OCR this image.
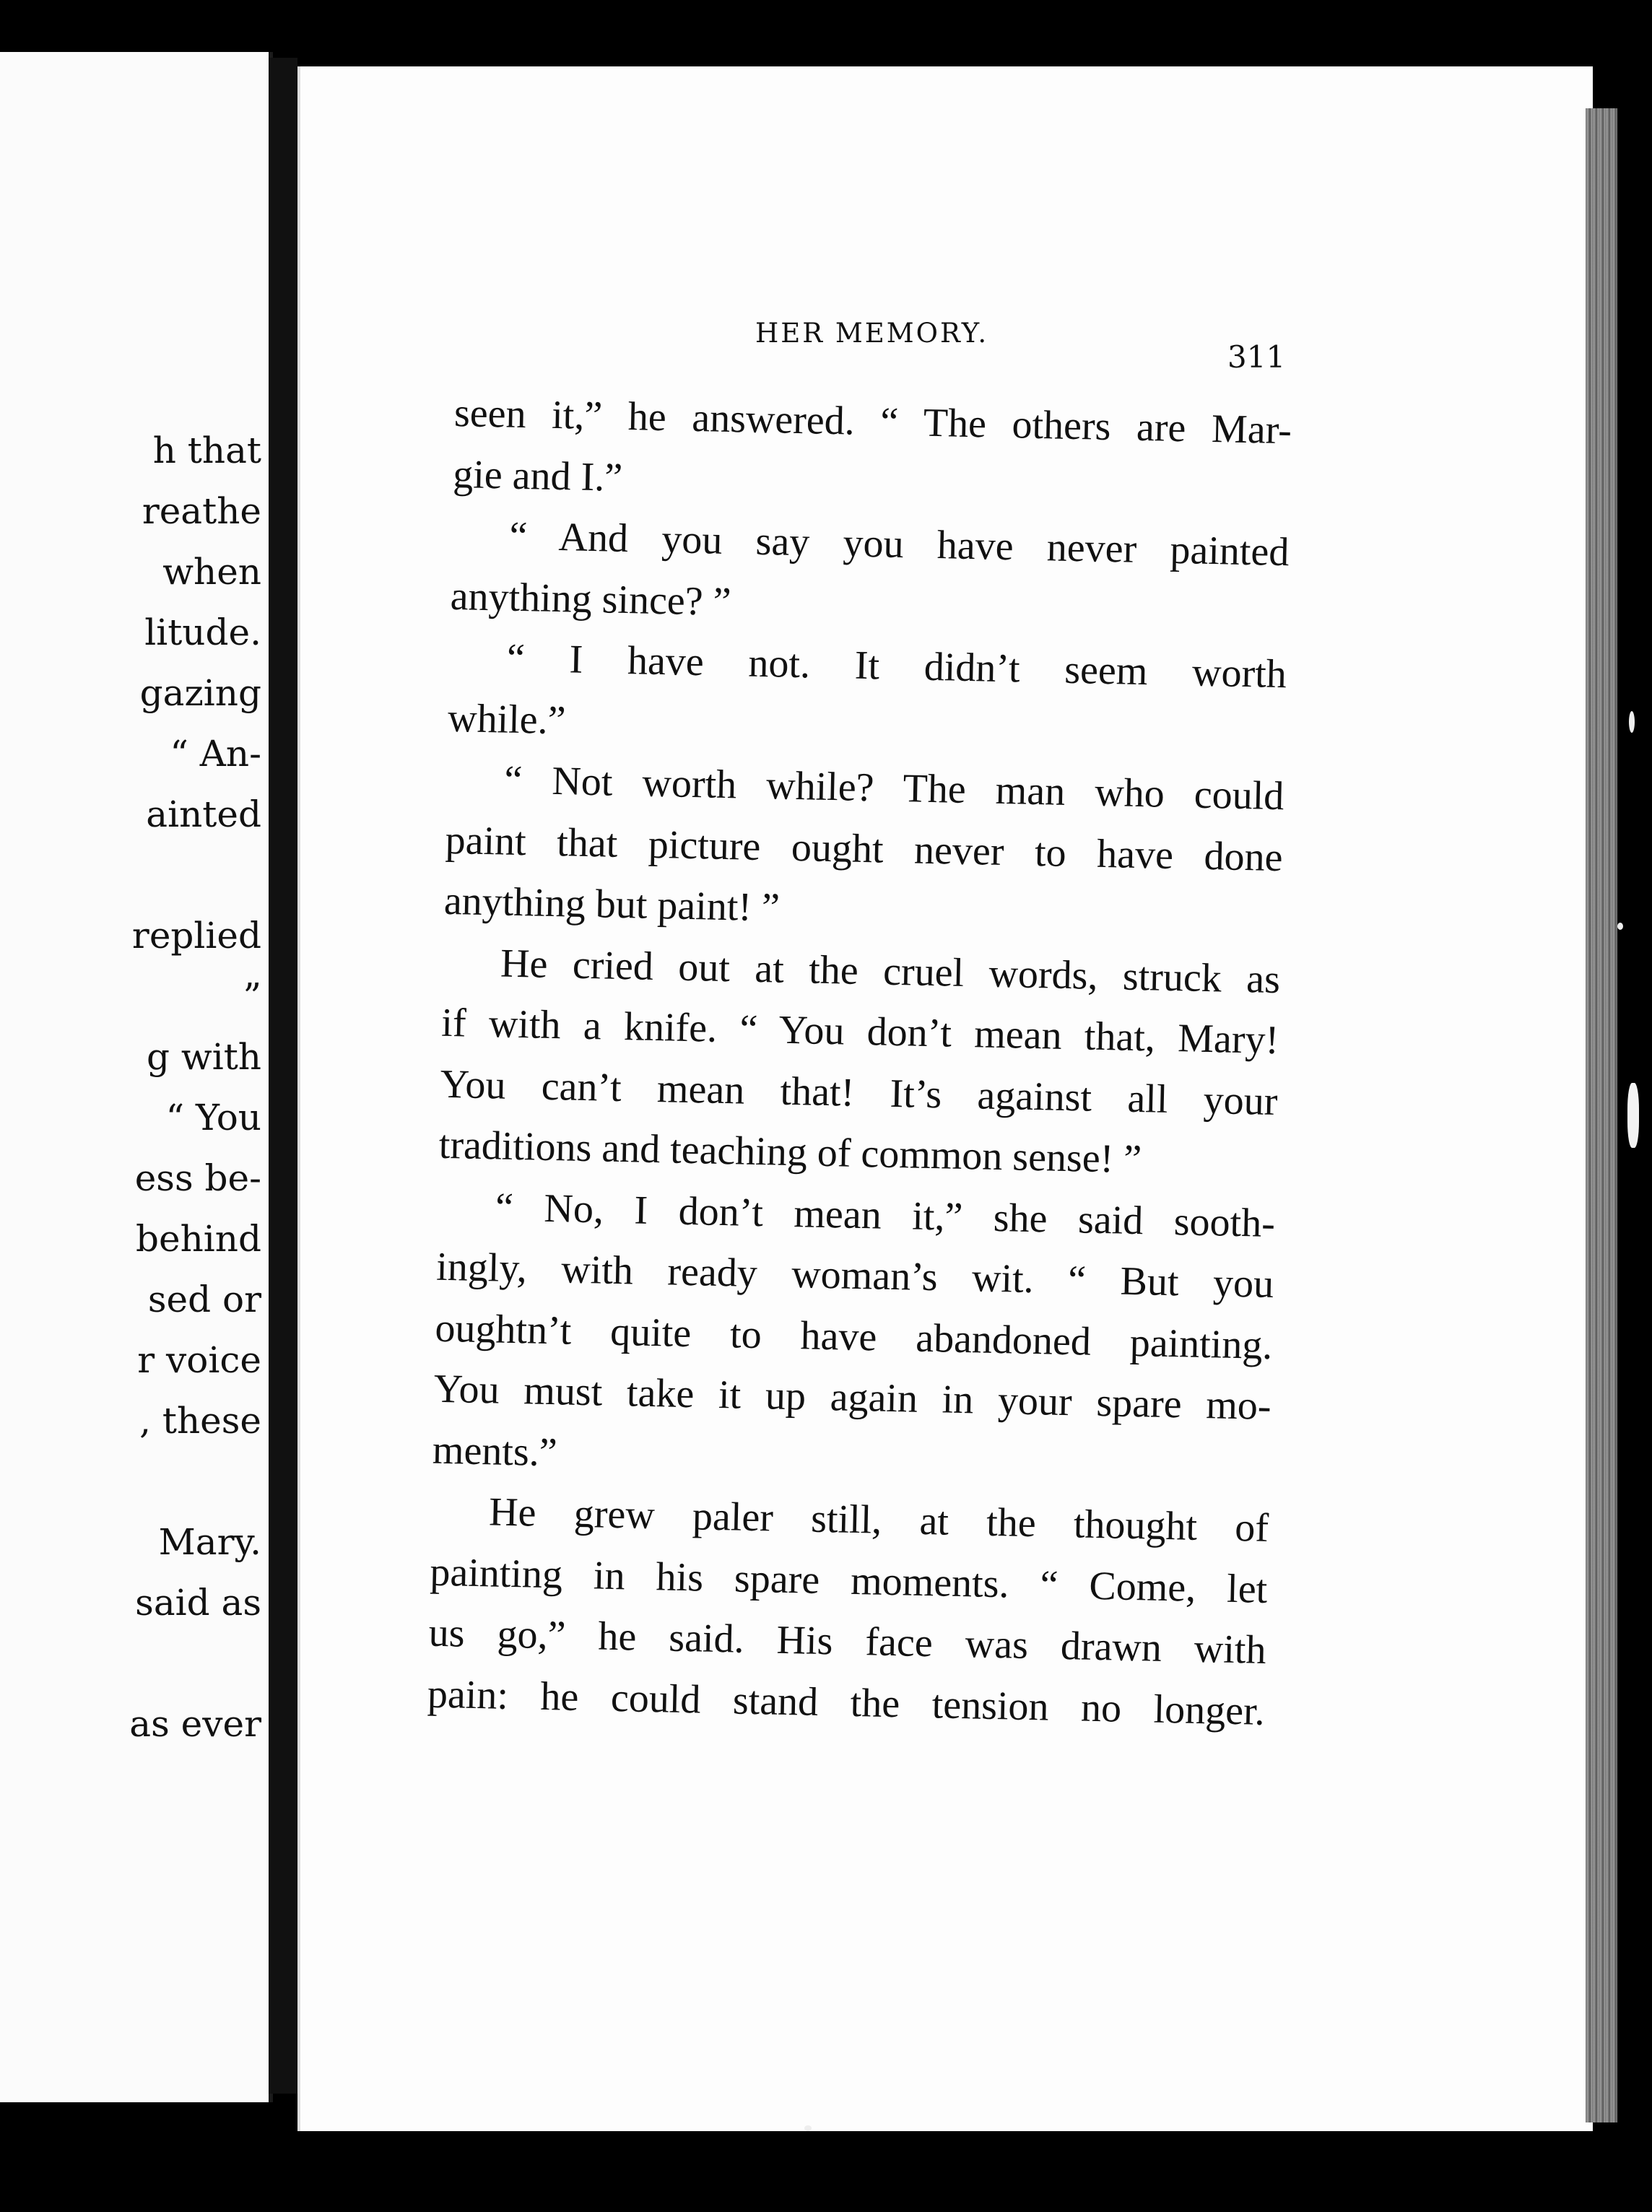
h that
reathe
when
litude.
gazing
“ An-
ainted
replied
”
g with
“ You
ess be-
behind
sed or
r voice
, these
Mary.
said as
as ever
HER MEMORY.
311
seen it,” he answered. “ The others are Mar-
gie and I.”
“ And you say you have never painted
anything since? ”
“ I have not. It didn’t seem worth
while.”
“ Not worth while? The man who could
paint that picture ought never to have done
anything but paint! ”
He cried out at the cruel words, struck as
if with a knife. “ You don’t mean that, Mary!
You can’t mean that! It’s against all your
traditions and teaching of common sense! ”
“ No, I don’t mean it,” she said sooth-
ingly, with ready woman’s wit. “ But you
oughtn’t quite to have abandoned painting.
You must take it up again in your spare mo-
ments.”
He grew paler still, at the thought of
painting in his spare moments. “ Come, let
us go,” he said. His face was drawn with
pain: he could stand the tension no longer.
